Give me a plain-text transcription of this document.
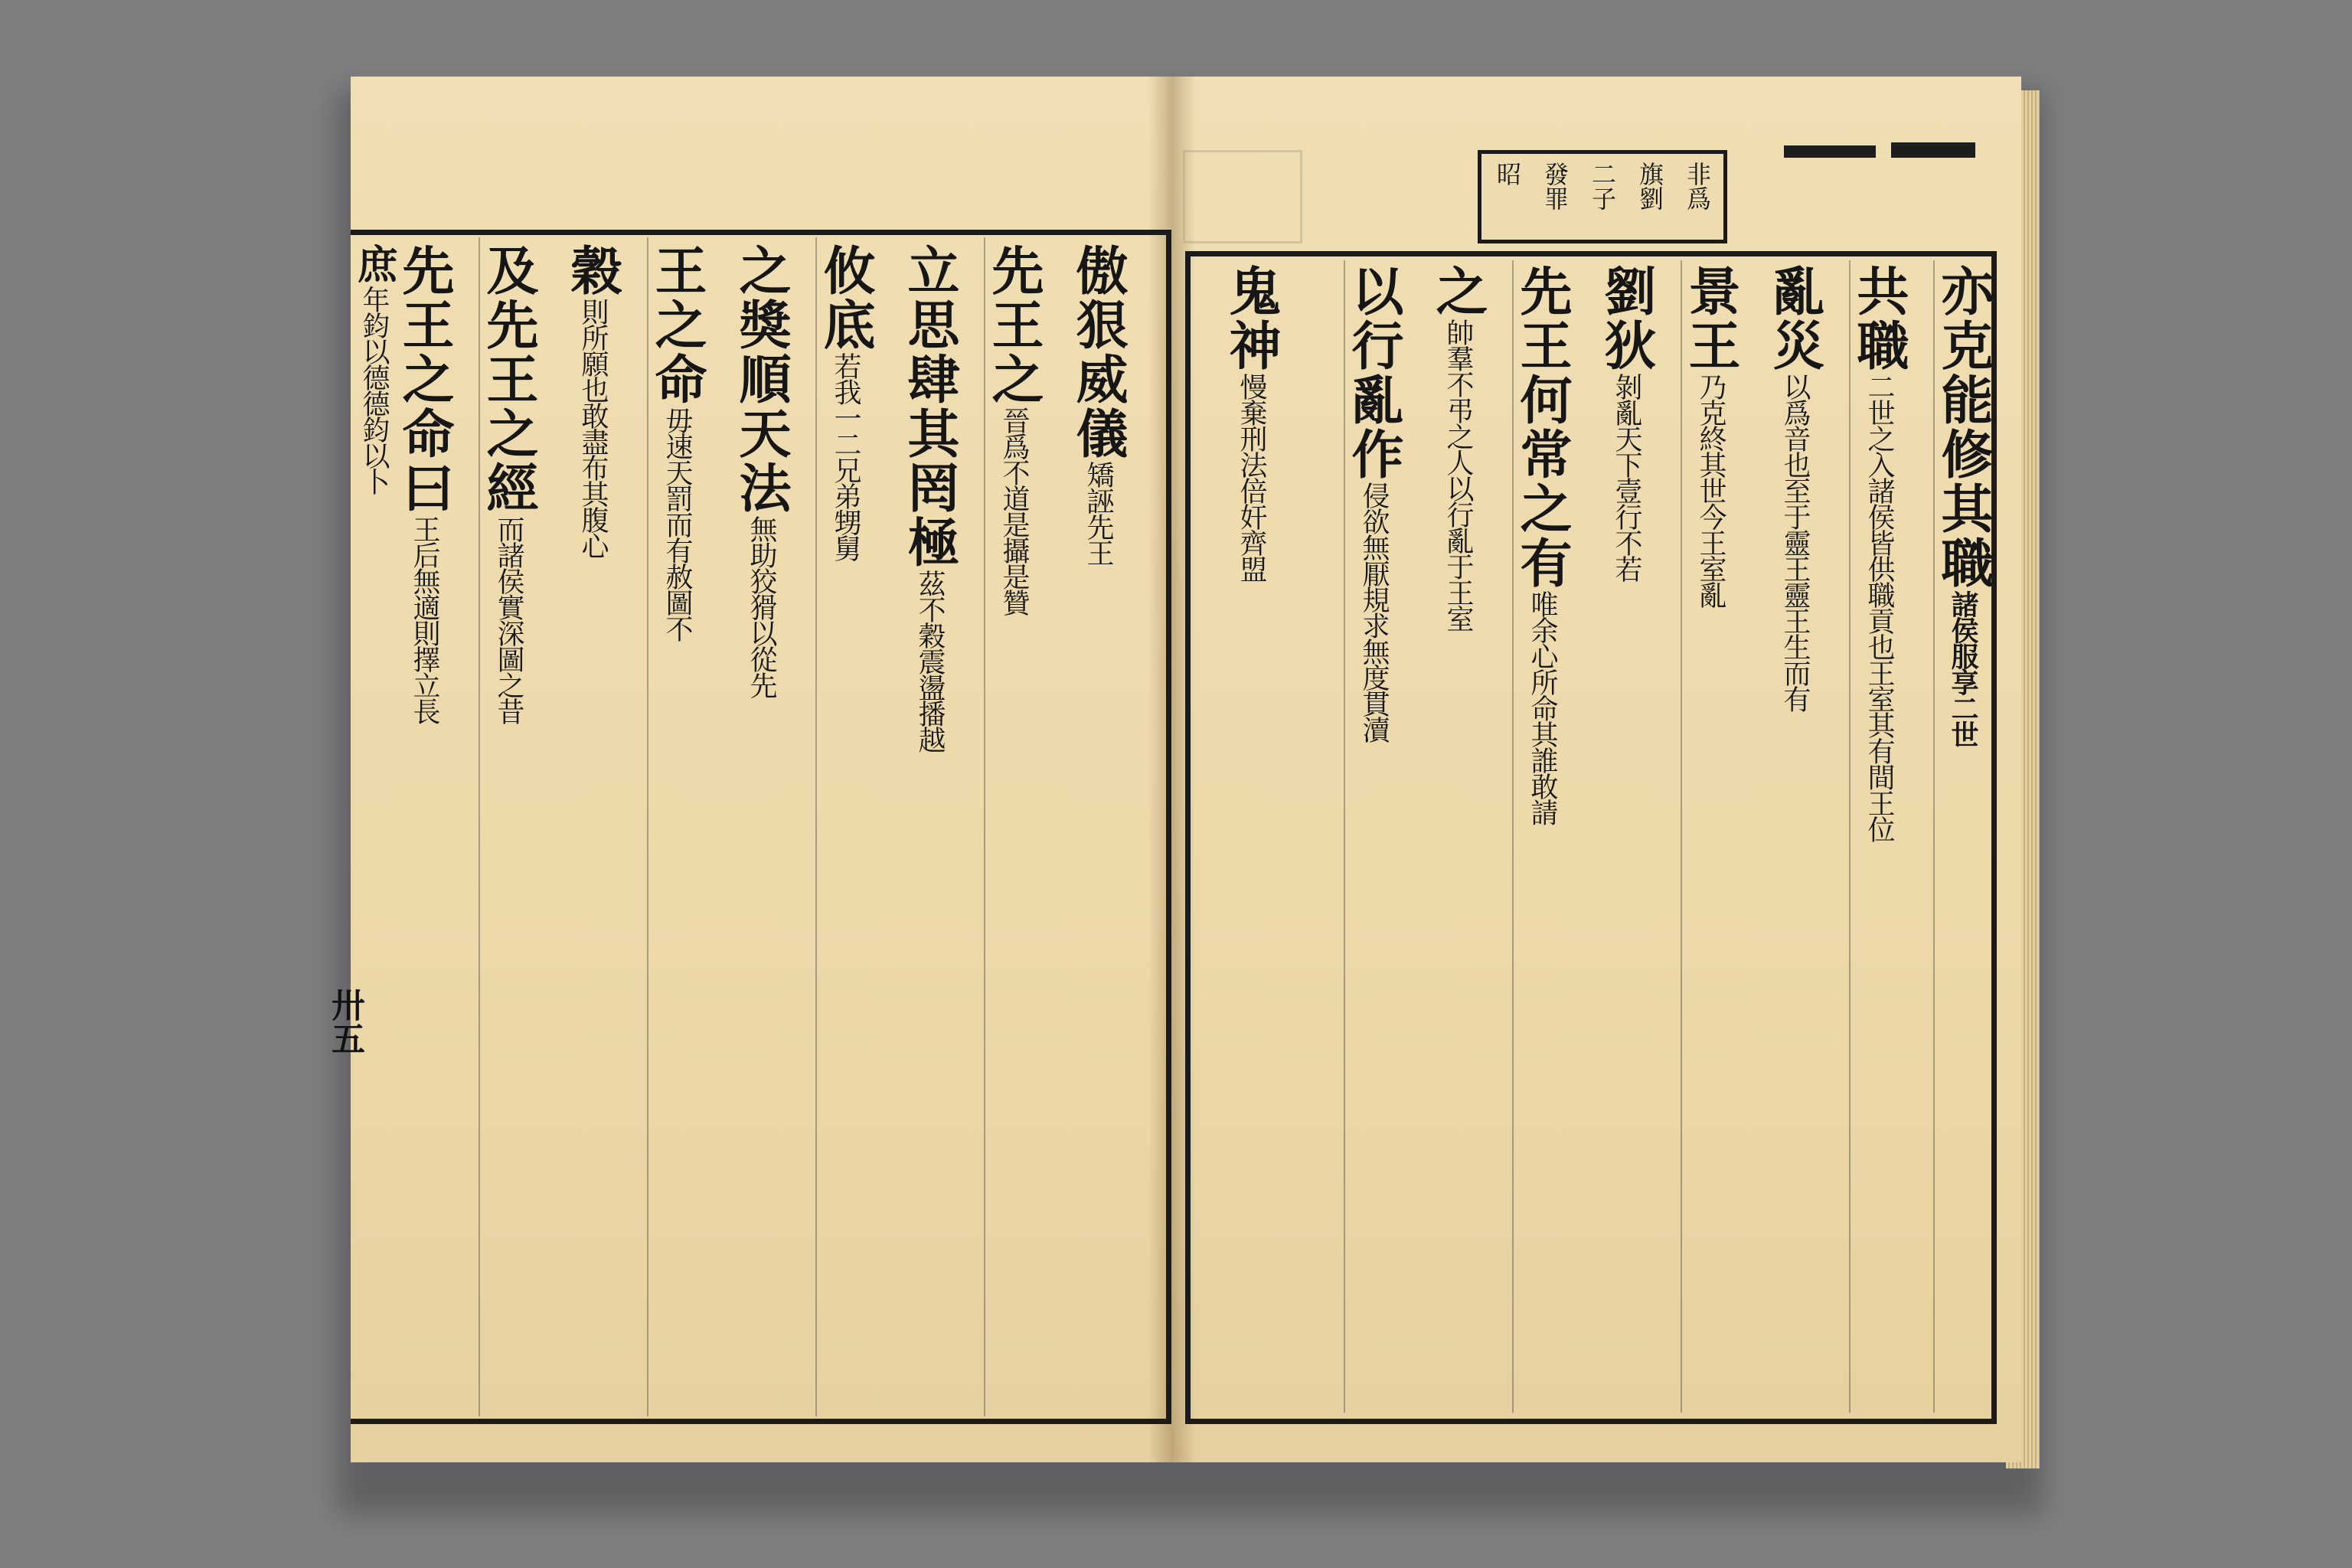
非爲
旗劉
二子
發罪
昭
亦克能修其職諸侯服享二世
共職二世之入諸侯皆供職貢也王室其有間王位
亂災以爲音也至于靈王靈王生而有
景王乃克終其世今王室亂
劉狄剝亂天下壹行不若
先王何常之有唯余心所命其誰敢請
之帥羣不弔之人以行亂于王室
以行亂作侵欲無厭規求無度貫瀆
鬼神慢棄刑法倍奸齊盟
傲狠威儀矯誣先王
先王之晉爲不道是攝是贊
立思肆其罔極茲不穀震盪播越
攸底若我一二兄弟甥舅
之獎順天法無助狡猾以從先
王之命毋速天罰而有赦圖不
穀則所願也敢盡布其腹心
及先王之經而諸侯實深圖之昔
先王之命曰王后無適則擇立長
庶年鈞以德德鈞以卜
卅五
